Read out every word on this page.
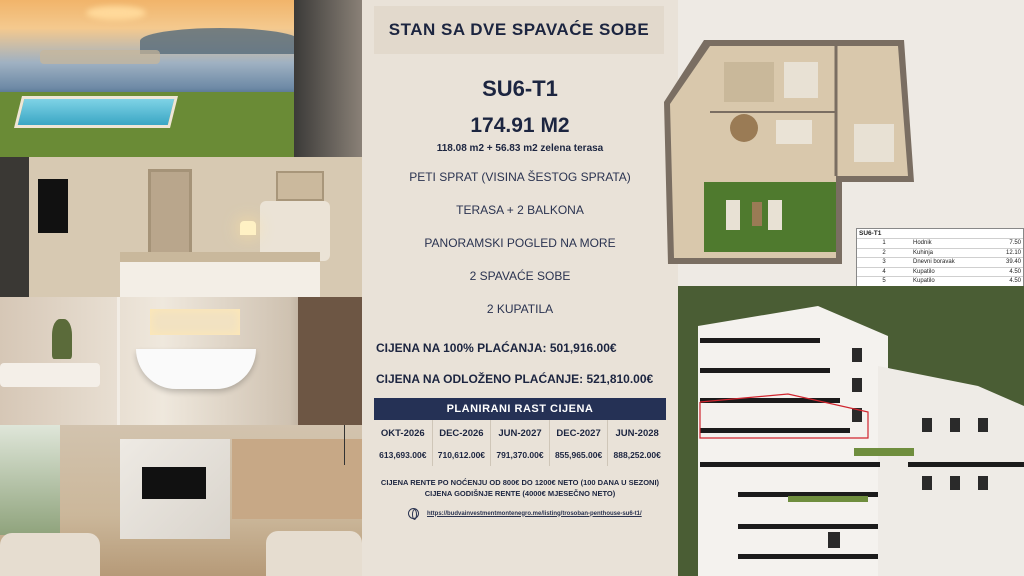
STAN SA DVE SPAVAĆE SOBE
SU6-T1
174.91 M2
118.08 m2 + 56.83 m2 zelena terasa
PETI SPRAT (VISINA ŠESTOG SPRATA)
TERASA + 2 BALKONA
PANORAMSKI POGLED NA MORE
2 SPAVAĆE SOBE
2 KUPATILA
CIJENA NA 100% PLAĆANJA: 501,916.00€
CIJENA NA ODLOŽENO PLAĆANJE: 521,810.00€
PLANIRANI RAST CIJENA
OKT-2026	DEC-2026	JUN-2027	DEC-2027	JUN-2028
613,693.00€	710,612.00€	791,370.00€	855,965.00€	888,252.00€
CIJENA RENTE PO NOĆENJU OD 800€ DO 1200€ NETO (100 DANA U SEZONI)
CIJENA GODIŠNJE RENTE (4000€ MJESEČNO NETO)
https://budvainvestmentmontenegro.me/listing/trosoban-penthouse-su6-t1/
SU6-T1
1	Hodnik	7.50
2	Kuhinja	12.10
3	Dnevni boravak	39.40
4	Kupatilo	4.50
5	Kupatilo	4.50
